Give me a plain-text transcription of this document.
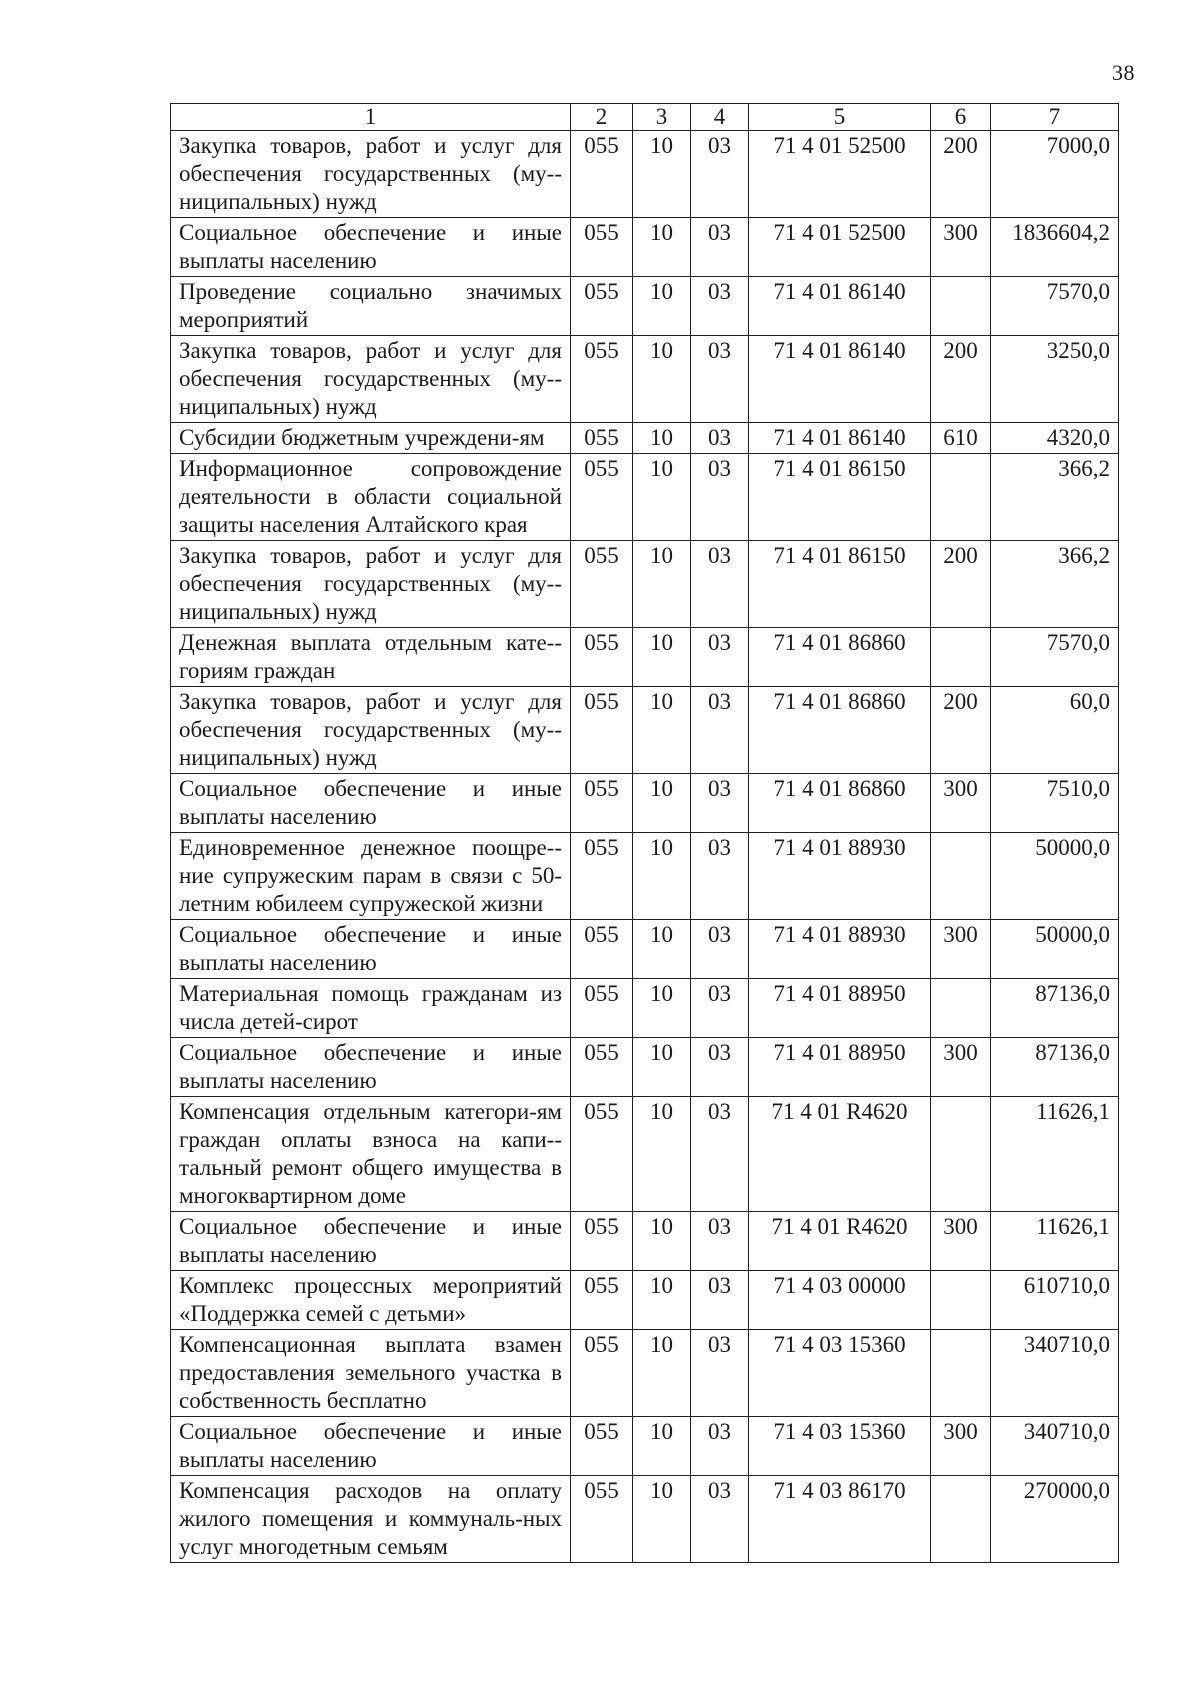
38
1	2	3	4	5	6	7
Закупка товаров, работ и услуг для обеспечения государственных (му-ниципальных) нужд	055	10	03	71 4 01 52500	200	7000,0
Социальное обеспечение и иные выплаты населению	055	10	03	71 4 01 52500	300	1836604,2
Проведение социально значимых мероприятий	055	10	03	71 4 01 86140		7570,0
Закупка товаров, работ и услуг для обеспечения государственных (му-ниципальных) нужд	055	10	03	71 4 01 86140	200	3250,0
Субсидии бюджетным учреждени-ям	055	10	03	71 4 01 86140	610	4320,0
Информационное сопровождение деятельности в области социальной защиты населения Алтайского края	055	10	03	71 4 01 86150		366,2
Закупка товаров, работ и услуг для обеспечения государственных (му-ниципальных) нужд	055	10	03	71 4 01 86150	200	366,2
Денежная выплата отдельным кате-гориям граждан	055	10	03	71 4 01 86860		7570,0
Закупка товаров, работ и услуг для обеспечения государственных (му-ниципальных) нужд	055	10	03	71 4 01 86860	200	60,0
Социальное обеспечение и иные выплаты населению	055	10	03	71 4 01 86860	300	7510,0
Единовременное денежное поощре-ние супружеским парам в связи с 50-летним юбилеем супружеской жизни	055	10	03	71 4 01 88930		50000,0
Социальное обеспечение и иные выплаты населению	055	10	03	71 4 01 88930	300	50000,0
Материальная помощь гражданам из числа детей-сирот	055	10	03	71 4 01 88950		87136,0
Социальное обеспечение и иные выплаты населению	055	10	03	71 4 01 88950	300	87136,0
Компенсация отдельным категори-ям граждан оплаты взноса на капи-тальный ремонт общего имущества в многоквартирном доме	055	10	03	71 4 01 R4620		11626,1
Социальное обеспечение и иные выплаты населению	055	10	03	71 4 01 R4620	300	11626,1
Комплекс процессных мероприятий «Поддержка семей с детьми»	055	10	03	71 4 03 00000		610710,0
Компенсационная выплата взамен предоставления земельного участка в собственность бесплатно	055	10	03	71 4 03 15360		340710,0
Социальное обеспечение и иные выплаты населению	055	10	03	71 4 03 15360	300	340710,0
Компенсация расходов на оплату жилого помещения и коммуналь-ных услуг многодетным семьям	055	10	03	71 4 03 86170		270000,0
